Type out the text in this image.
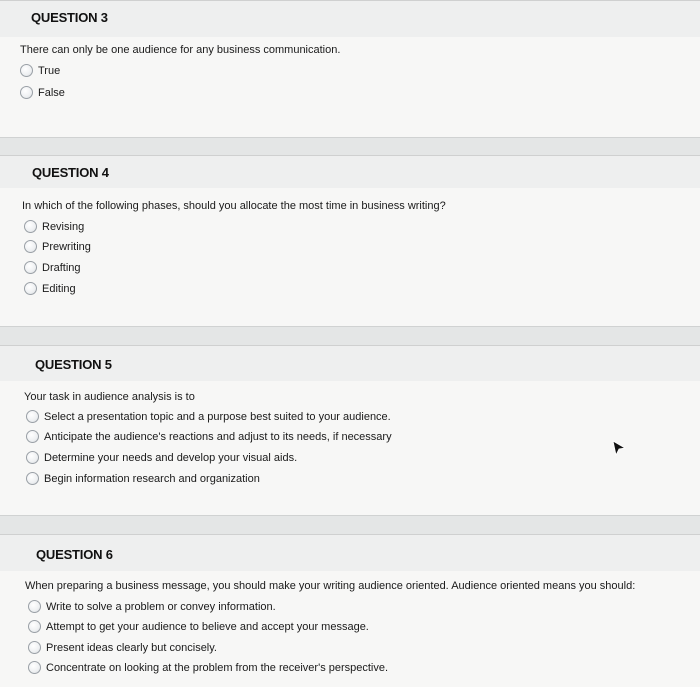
QUESTION 3
There can only be one audience for any business communication.
True
False
QUESTION 4
In which of the following phases, should you allocate the most time in business writing?
Revising
Prewriting
Drafting
Editing
QUESTION 5
Your task in audience analysis is to
Select a presentation topic and a purpose best suited to your audience.
Anticipate the audience's reactions and adjust to its needs, if necessary
Determine your needs and develop your visual aids.
Begin information research and organization
QUESTION 6
When preparing a business message, you should make your writing audience oriented. Audience oriented means you should:
Write to solve a problem or convey information.
Attempt to get your audience to believe and accept your message.
Present ideas clearly but concisely.
Concentrate on looking at the problem from the receiver's perspective.
